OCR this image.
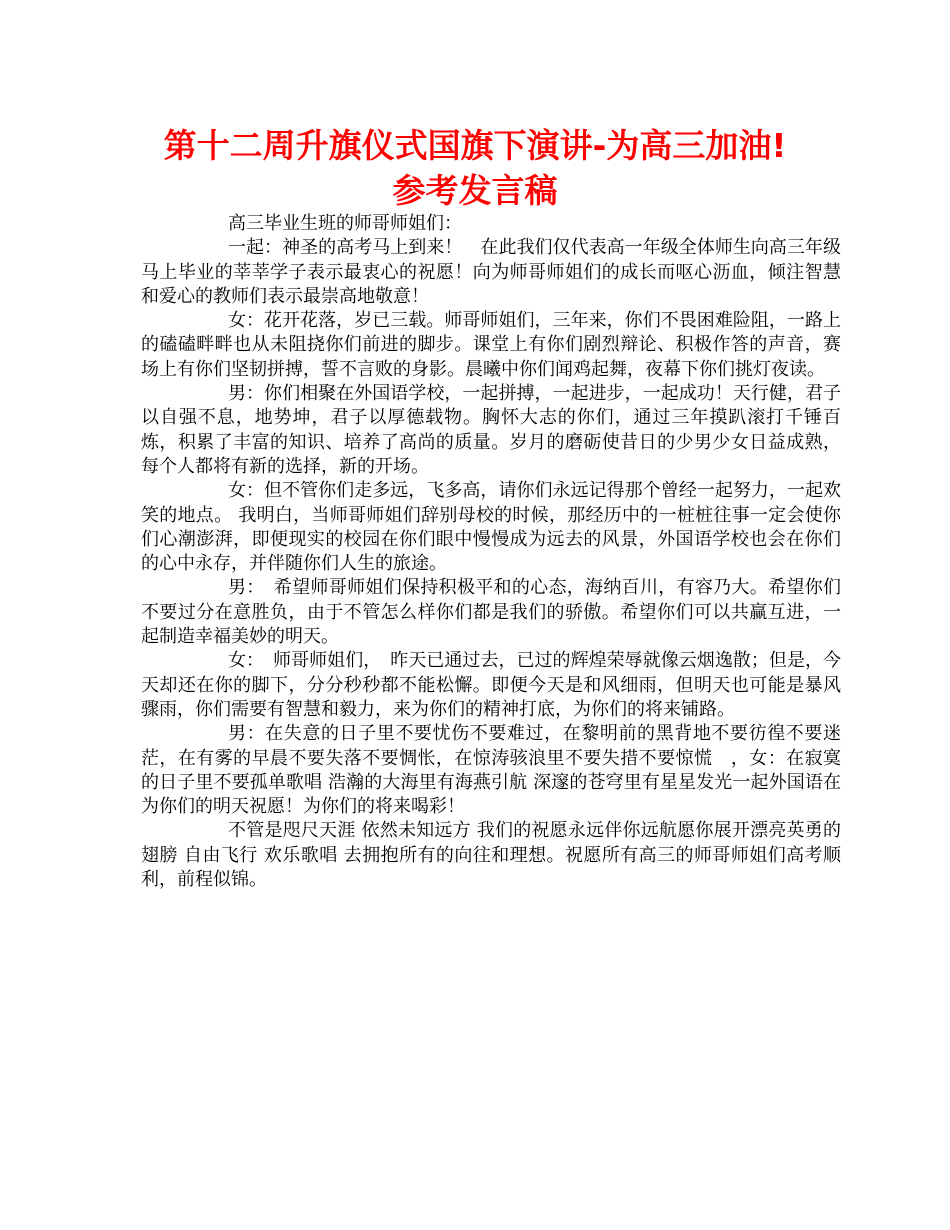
第十二周升旗仪式国旗下演讲-为高三加油!
参考发言稿

高三毕业生班的师哥师姐们：

一起：神圣的高考马上到来！　在此我们仅代表高一年级全体师生向高三年级马上毕业的莘莘学子表示最衷心的祝愿！向为师哥师姐们的成长而呕心沥血，倾注智慧和爱心的教师们表示最崇高地敬意！

女：花开花落，岁已三载。师哥师姐们，三年来，你们不畏困难险阻，一路上的磕磕畔畔也从未阻挠你们前进的脚步。课堂上有你们剧烈辩论、积极作答的声音，赛场上有你们坚韧拼搏，誓不言败的身影。晨曦中你们闻鸡起舞，夜幕下你们挑灯夜读。

男：你们相聚在外国语学校，一起拼搏，一起进步，一起成功！天行健，君子以自强不息，地势坤，君子以厚德载物。胸怀大志的你们，通过三年摸趴滚打千锤百炼，积累了丰富的知识、培养了高尚的质量。岁月的磨砺使昔日的少男少女日益成熟，每个人都将有新的选择，新的开场。

女：但不管你们走多远，飞多高，请你们永远记得那个曾经一起努力，一起欢笑的地点。 我明白，当师哥师姐们辞别母校的时候，那经历中的一桩桩往事一定会使你们心潮澎湃，即便现实的校园在你们眼中慢慢成为远去的风景，外国语学校也会在你们的心中永存，并伴随你们人生的旅途。

男：　希望师哥师姐们保持积极平和的心态，海纳百川，有容乃大。希望你们不要过分在意胜负，由于不管怎么样你们都是我们的骄傲。希望你们可以共赢互进，一起制造幸福美妙的明天。

女：　师哥师姐们，　昨天已通过去，已过的辉煌荣辱就像云烟逸散；但是，今天却还在你的脚下，分分秒秒都不能松懈。即便今天是和风细雨，但明天也可能是暴风骤雨，你们需要有智慧和毅力，来为你们的精神打底，为你们的将来铺路。

男：在失意的日子里不要忧伤不要难过，在黎明前的黑背地不要彷徨不要迷茫，在有雾的早晨不要失落不要惆怅，在惊涛骇浪里不要失措不要惊慌　，女：在寂寞的日子里不要孤单歌唱 浩瀚的大海里有海燕引航 深邃的苍穹里有星星发光一起外国语在为你们的明天祝愿！为你们的将来喝彩！

不管是咫尺天涯 依然未知远方 我们的祝愿永远伴你远航愿你展开漂亮英勇的翅膀 自由飞行 欢乐歌唱 去拥抱所有的向往和理想。祝愿所有高三的师哥师姐们高考顺利，前程似锦。
